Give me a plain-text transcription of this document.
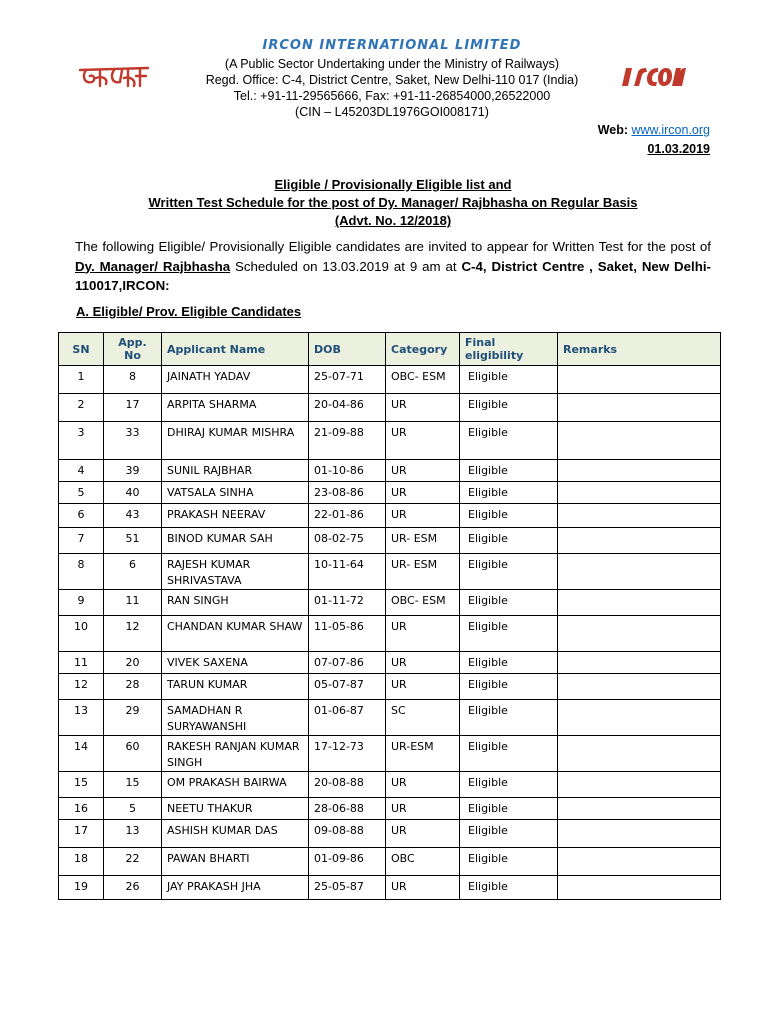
IRCON INTERNATIONAL LIMITED
(A Public Sector Undertaking under the Ministry of Railways)
Regd. Office: C-4, District Centre, Saket, New Delhi-110 017 (India)
Tel.: +91-11-29565666, Fax: +91-11-26854000,26522000
(CIN – L45203DL1976GOI008171)
Web: www.ircon.org
01.03.2019
Eligible / Provisionally Eligible list and
Written Test Schedule for the post of Dy. Manager/ Rajbhasha on Regular Basis
(Advt. No. 12/2018)
The following Eligible/ Provisionally Eligible candidates are invited to appear for Written Test for the post of Dy. Manager/ Rajbhasha Scheduled on 13.03.2019 at 9 am at C-4, District Centre , Saket, New Delhi- 110017,IRCON:
A. Eligible/ Prov. Eligible Candidates
SN	App. No	Applicant Name	DOB	Category	Final eligibility	Remarks
1	8	JAINATH YADAV	25-07-71	OBC- ESM	Eligible	
2	17	ARPITA SHARMA	20-04-86	UR	Eligible	
3	33	DHIRAJ KUMAR MISHRA	21-09-88	UR	Eligible	
4	39	SUNIL RAJBHAR	01-10-86	UR	Eligible	
5	40	VATSALA SINHA	23-08-86	UR	Eligible	
6	43	PRAKASH NEERAV	22-01-86	UR	Eligible	
7	51	BINOD KUMAR SAH	08-02-75	UR- ESM	Eligible	
8	6	RAJESH KUMAR SHRIVASTAVA	10-11-64	UR- ESM	Eligible	
9	11	RAN SINGH	01-11-72	OBC- ESM	Eligible	
10	12	CHANDAN KUMAR SHAW	11-05-86	UR	Eligible	
11	20	VIVEK SAXENA	07-07-86	UR	Eligible	
12	28	TARUN KUMAR	05-07-87	UR	Eligible	
13	29	SAMADHAN R SURYAWANSHI	01-06-87	SC	Eligible	
14	60	RAKESH RANJAN KUMAR SINGH	17-12-73	UR-ESM	Eligible	
15	15	OM PRAKASH BAIRWA	20-08-88	UR	Eligible	
16	5	NEETU THAKUR	28-06-88	UR	Eligible	
17	13	ASHISH KUMAR DAS	09-08-88	UR	Eligible	
18	22	PAWAN BHARTI	01-09-86	OBC	Eligible	
19	26	JAY PRAKASH JHA	25-05-87	UR	Eligible	
